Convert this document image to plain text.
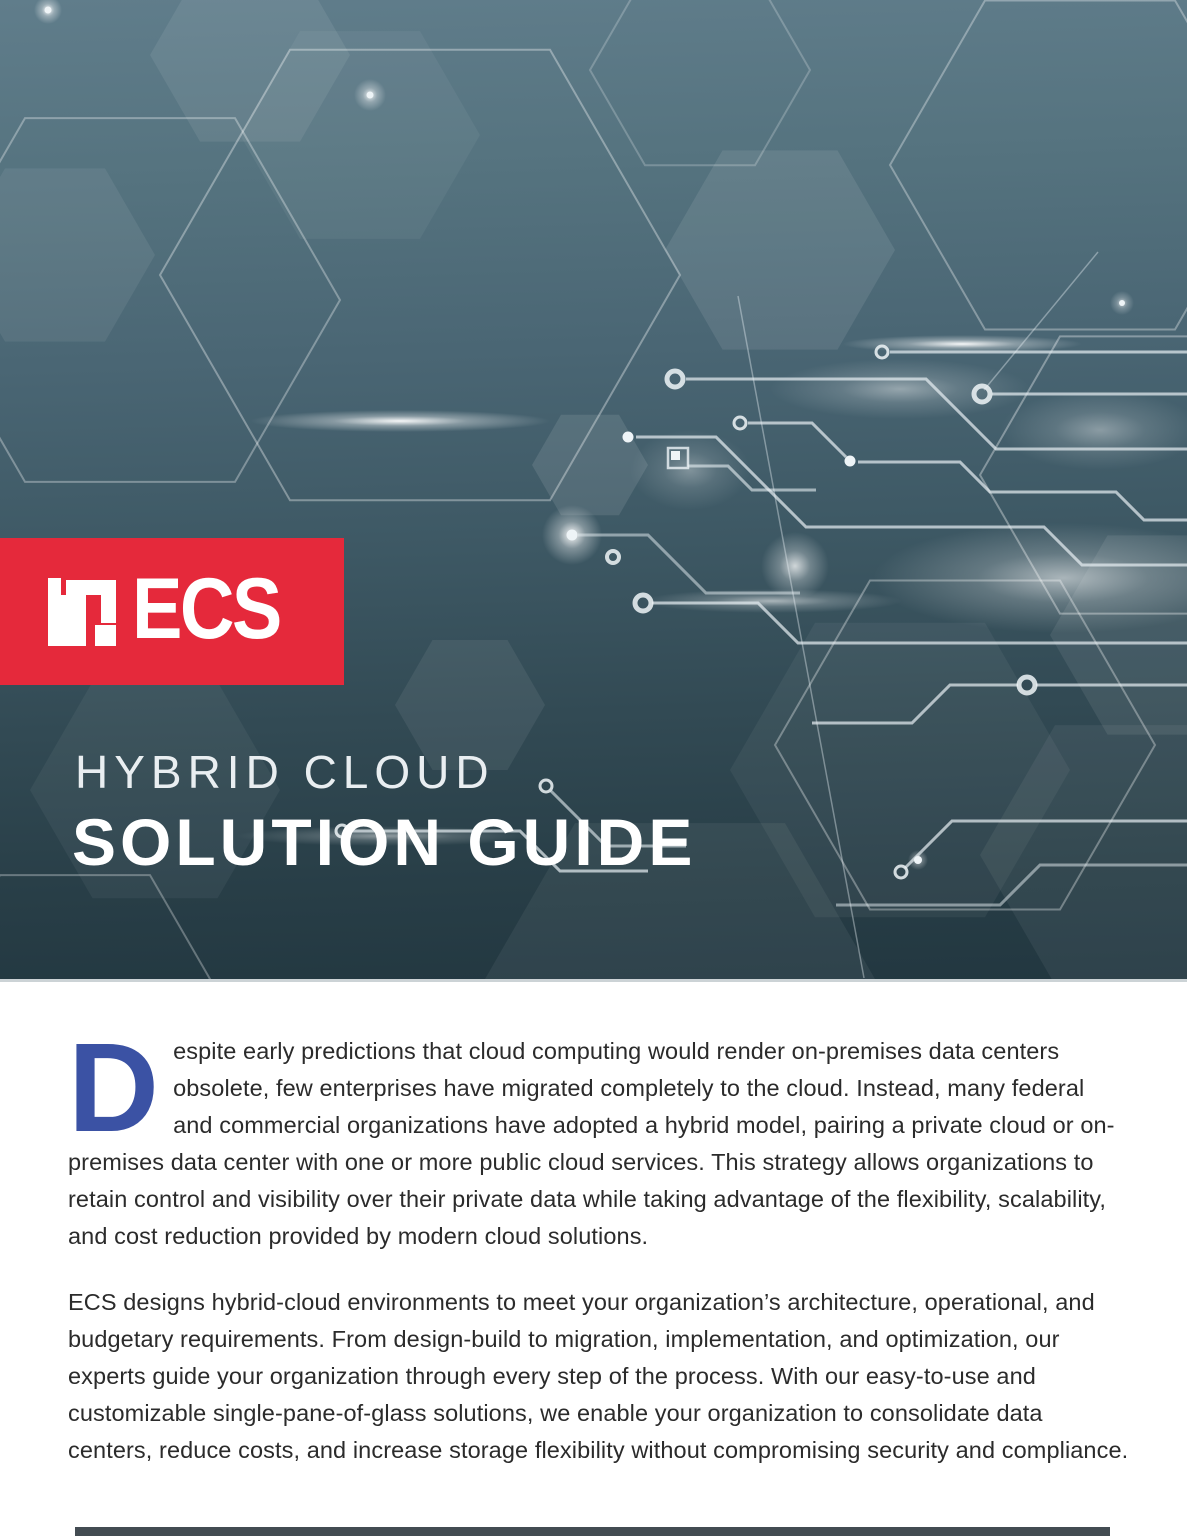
ECS
HYBRID CLOUD
SOLUTION GUIDE

Despite early predictions that cloud computing would render on-premises data centers obsolete, few enterprises have migrated completely to the cloud. Instead, many federal and commercial organizations have adopted a hybrid model, pairing a private cloud or on-premises data center with one or more public cloud services. This strategy allows organizations to retain control and visibility over their private data while taking advantage of the flexibility, scalability, and cost reduction provided by modern cloud solutions.

ECS designs hybrid-cloud environments to meet your organization’s architecture, operational, and budgetary requirements. From design-build to migration, implementation, and optimization, our experts guide your organization through every step of the process. With our easy-to-use and customizable single-pane-of-glass solutions, we enable your organization to consolidate data centers, reduce costs, and increase storage flexibility without compromising security and compliance.
